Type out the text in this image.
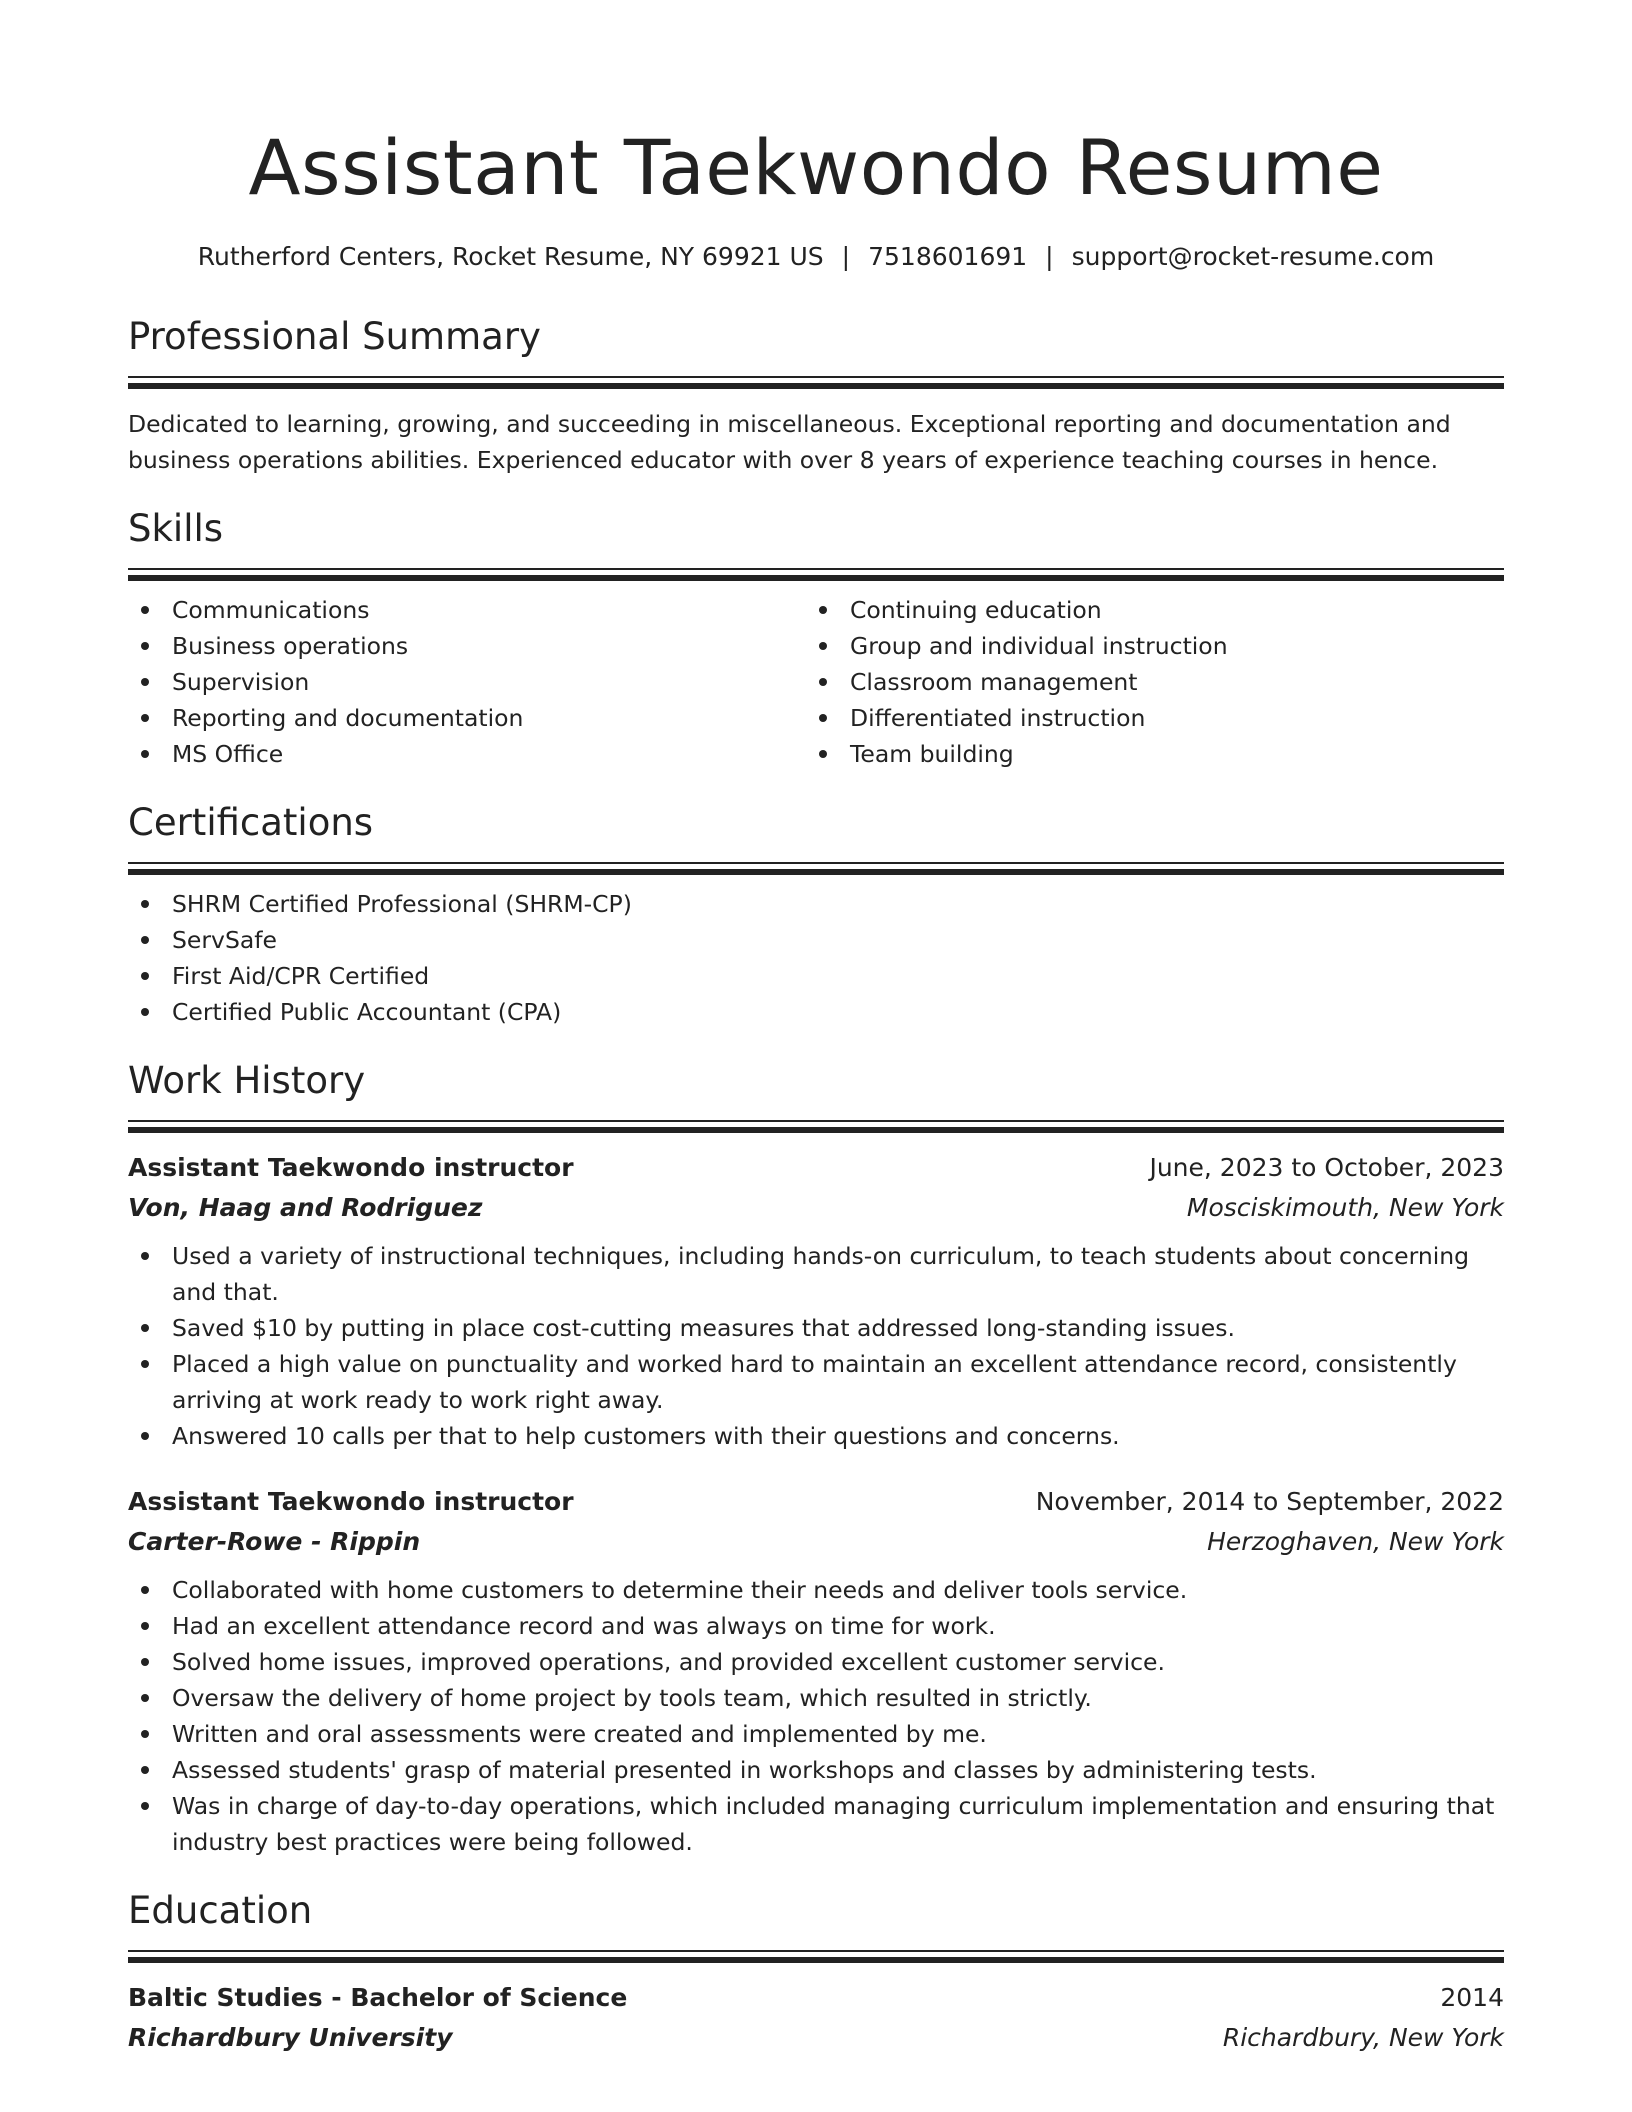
Assistant Taekwondo Resume
Rutherford Centers, Rocket Resume, NY 69921 US | 7518601691 | support@rocket-resume.com
Professional Summary
Dedicated to learning, growing, and succeeding in miscellaneous. Exceptional reporting and documentation and business operations abilities. Experienced educator with over 8 years of experience teaching courses in hence.
Skills
Communications
Business operations
Supervision
Reporting and documentation
MS Office
Continuing education
Group and individual instruction
Classroom management
Differentiated instruction
Team building
Certifications
SHRM Certified Professional (SHRM-CP)
ServSafe
First Aid/CPR Certified
Certified Public Accountant (CPA)
Work History
Assistant Taekwondo instructor	June, 2023 to October, 2023
Von, Haag and Rodriguez	Mosciskimouth, New York
Used a variety of instructional techniques, including hands-on curriculum, to teach students about concerning and that.
Saved $10 by putting in place cost-cutting measures that addressed long-standing issues.
Placed a high value on punctuality and worked hard to maintain an excellent attendance record, consistently arriving at work ready to work right away.
Answered 10 calls per that to help customers with their questions and concerns.
Assistant Taekwondo instructor	November, 2014 to September, 2022
Carter-Rowe - Rippin	Herzoghaven, New York
Collaborated with home customers to determine their needs and deliver tools service.
Had an excellent attendance record and was always on time for work.
Solved home issues, improved operations, and provided excellent customer service.
Oversaw the delivery of home project by tools team, which resulted in strictly.
Written and oral assessments were created and implemented by me.
Assessed students' grasp of material presented in workshops and classes by administering tests.
Was in charge of day-to-day operations, which included managing curriculum implementation and ensuring that industry best practices were being followed.
Education
Baltic Studies - Bachelor of Science	2014
Richardbury University	Richardbury, New York
